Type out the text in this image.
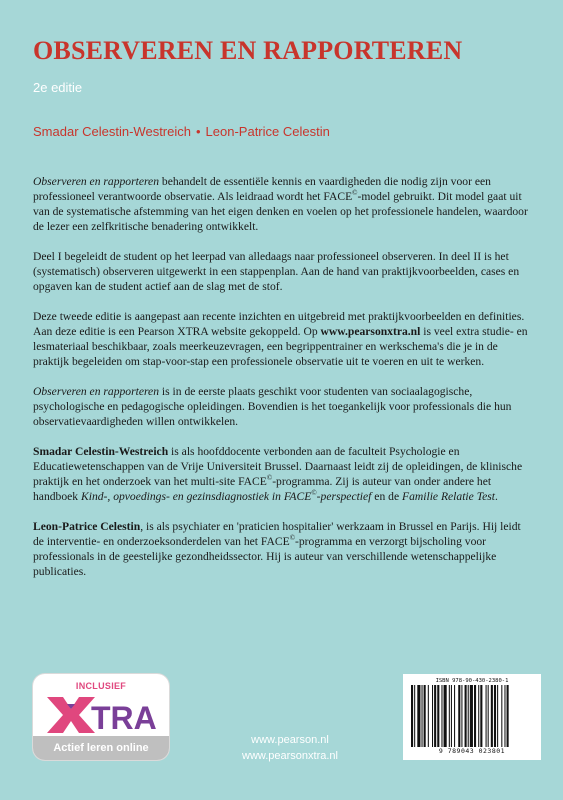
OBSERVEREN EN RAPPORTEREN
2e editie
Smadar Celestin-Westreich • Leon-Patrice Celestin

Observeren en rapporteren behandelt de essentiële kennis en vaardigheden die nodig zijn voor een professioneel verantwoorde observatie. Als leidraad wordt het FACE©-model gebruikt. Dit model gaat uit van de systematische afstemming van het eigen denken en voelen op het professionele handelen, waardoor de lezer een zelfkritische benadering ontwikkelt.

Deel I begeleidt de student op het leerpad van alledaags naar professioneel observeren. In deel II is het (systematisch) observeren uitgewerkt in een stappenplan. Aan de hand van praktijkvoorbeelden, cases en opgaven kan de student actief aan de slag met de stof.

Deze tweede editie is aangepast aan recente inzichten en uitgebreid met praktijkvoorbeelden en definities. Aan deze editie is een Pearson XTRA website gekoppeld. Op www.pearsonxtra.nl is veel extra studie- en lesmateriaal beschikbaar, zoals meerkeuzevragen, een begrippentrainer en werkschema's die je in de praktijk begeleiden om stap-voor-stap een professionele observatie uit te voeren en uit te werken.

Observeren en rapporteren is in de eerste plaats geschikt voor studenten van sociaalagogische, psychologische en pedagogische opleidingen. Bovendien is het toegankelijk voor professionals die hun observatievaardigheden willen ontwikkelen.

Smadar Celestin-Westreich is als hoofddocente verbonden aan de faculteit Psychologie en Educatiewetenschappen van de Vrije Universiteit Brussel. Daarnaast leidt zij de opleidingen, de klinische praktijk en het onderzoek van het multi-site FACE©-programma. Zij is auteur van onder andere het handboek Kind-, opvoedings- en gezinsdiagnostiek in FACE©-perspectief en de Familie Relatie Test.

Leon-Patrice Celestin, is als psychiater en 'praticien hospitalier' werkzaam in Brussel en Parijs. Hij leidt de interventie- en onderzoeksonderdelen van het FACE©-programma en verzorgt bijscholing voor professionals in de geestelijke gezondheidssector. Hij is auteur van verschillende wetenschappelijke publicaties.

INCLUSIEF
TRA
Actief leren online
www.pearson.nl
www.pearsonxtra.nl
ISBN 978-90-430-2380-1
9 789043 023801
